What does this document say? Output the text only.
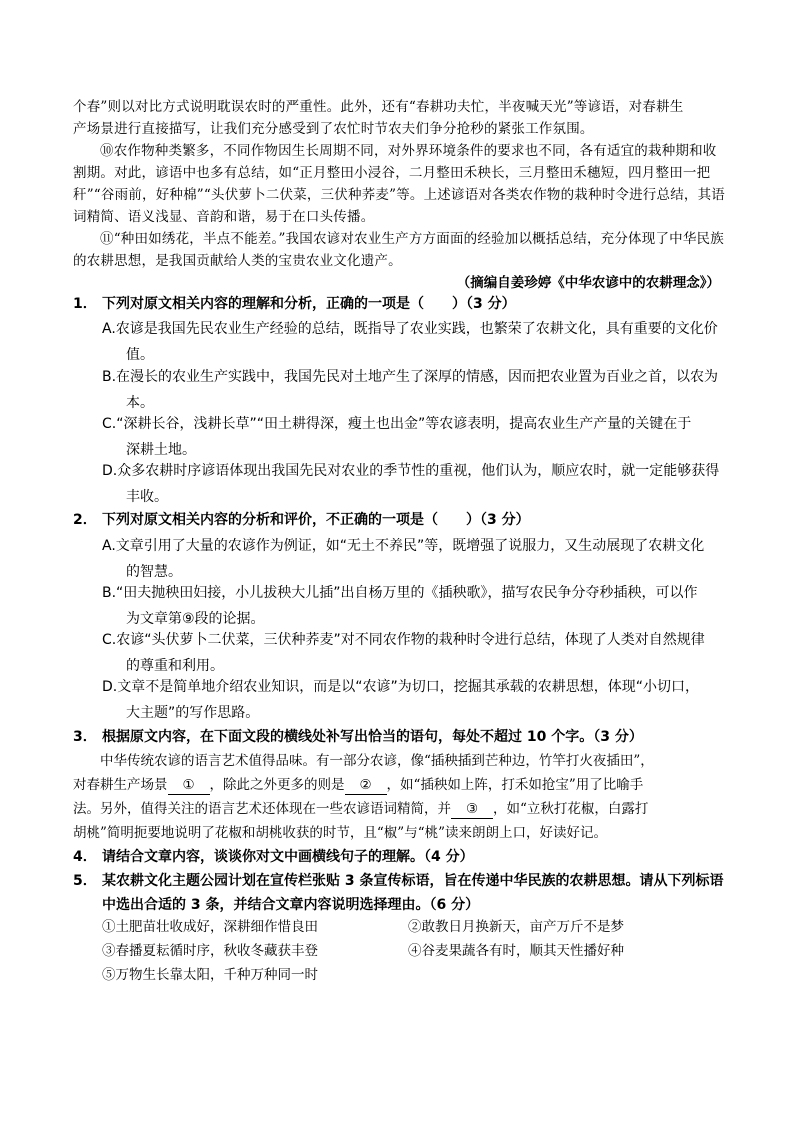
个春”则以对比方式说明耽误农时的严重性。此外，还有“春耕功夫忙，半夜喊天光”等谚语，对春耕生
产场景进行直接描写，让我们充分感受到了农忙时节农夫们争分抢秒的紧张工作氛围。
⑩农作物种类繁多，不同作物因生长周期不同，对外界环境条件的要求也不同，各有适宜的栽种期和收割期。对此，谚语中也多有总结，如“正月整田小浸谷，二月整田禾秧长，三月整田禾穗短，四月整田一把秆”“谷雨前，好种棉”“头伏萝卜二伏菜，三伏种荞麦”等。上述谚语对各类农作物的栽种时令进行总结，其语词精简、语义浅显、音韵和谐，易于在口头传播。
⑪“种田如绣花，半点不能差。”我国农谚对农业生产方方面面的经验加以概括总结，充分体现了中华民族的农耕思想，是我国贡献给人类的宝贵农业文化遗产。
（摘编自姜珍婷《中华农谚中的农耕理念》）
1． 下列对原文相关内容的理解和分析，正确的一项是（　　）（3 分）
A.农谚是我国先民农业生产经验的总结，既指导了农业实践，也繁荣了农耕文化，具有重要的文化价
值。
B.在漫长的农业生产实践中，我国先民对土地产生了深厚的情感，因而把农业置为百业之首，以农为
本。
C.“深耕长谷，浅耕长草”“田土耕得深，瘦土也出金”等农谚表明，提高农业生产产量的关键在于
深耕土地。
D.众多农耕时序谚语体现出我国先民对农业的季节性的重视，他们认为，顺应农时，就一定能够获得
丰收。
2． 下列对原文相关内容的分析和评价，不正确的一项是（　　）（3 分）
A.文章引用了大量的农谚作为例证，如“无土不养民”等，既增强了说服力，又生动展现了农耕文化
的智慧。
B.“田夫抛秧田妇接，小儿拔秧大儿插”出自杨万里的《插秧歌》，描写农民争分夺秒插秧，可以作
为文章第⑨段的论据。
C.农谚“头伏萝卜二伏菜，三伏种荞麦”对不同农作物的栽种时令进行总结，体现了人类对自然规律
的尊重和利用。
D.文章不是简单地介绍农业知识，而是以“农谚”为切口，挖掘其承载的农耕思想，体现“小切口，
大主题”的写作思路。
3． 根据原文内容，在下面文段的横线处补写出恰当的语句，每处不超过 10 个字。（3 分）
中华传统农谚的语言艺术值得品味。有一部分农谚，像“插秧插到芒种边，竹竿打火夜插田”，
对春耕生产场景 ① ，除此之外更多的则是 ② ，如“插秧如上阵，打禾如抢宝”用了比喻手
法。另外，值得关注的语言艺术还体现在一些农谚语词精简，并 ③ ，如“立秋打花椒，白露打
胡桃”简明扼要地说明了花椒和胡桃收获的时节，且“椒”与“桃”读来朗朗上口，好读好记。
4． 请结合文章内容，谈谈你对文中画横线句子的理解。（4 分）
5． 某农耕文化主题公园计划在宣传栏张贴 3 条宣传标语，旨在传递中华民族的农耕思想。请从下列标语
中选出合适的 3 条，并结合文章内容说明选择理由。（6 分）
①土肥苗壮收成好，深耕细作惜良田	②敢教日月换新天，亩产万斤不是梦
③春播夏耘循时序，秋收冬藏获丰登	④谷麦果蔬各有时，顺其天性播好种
⑤万物生长靠太阳，千种万种同一时
